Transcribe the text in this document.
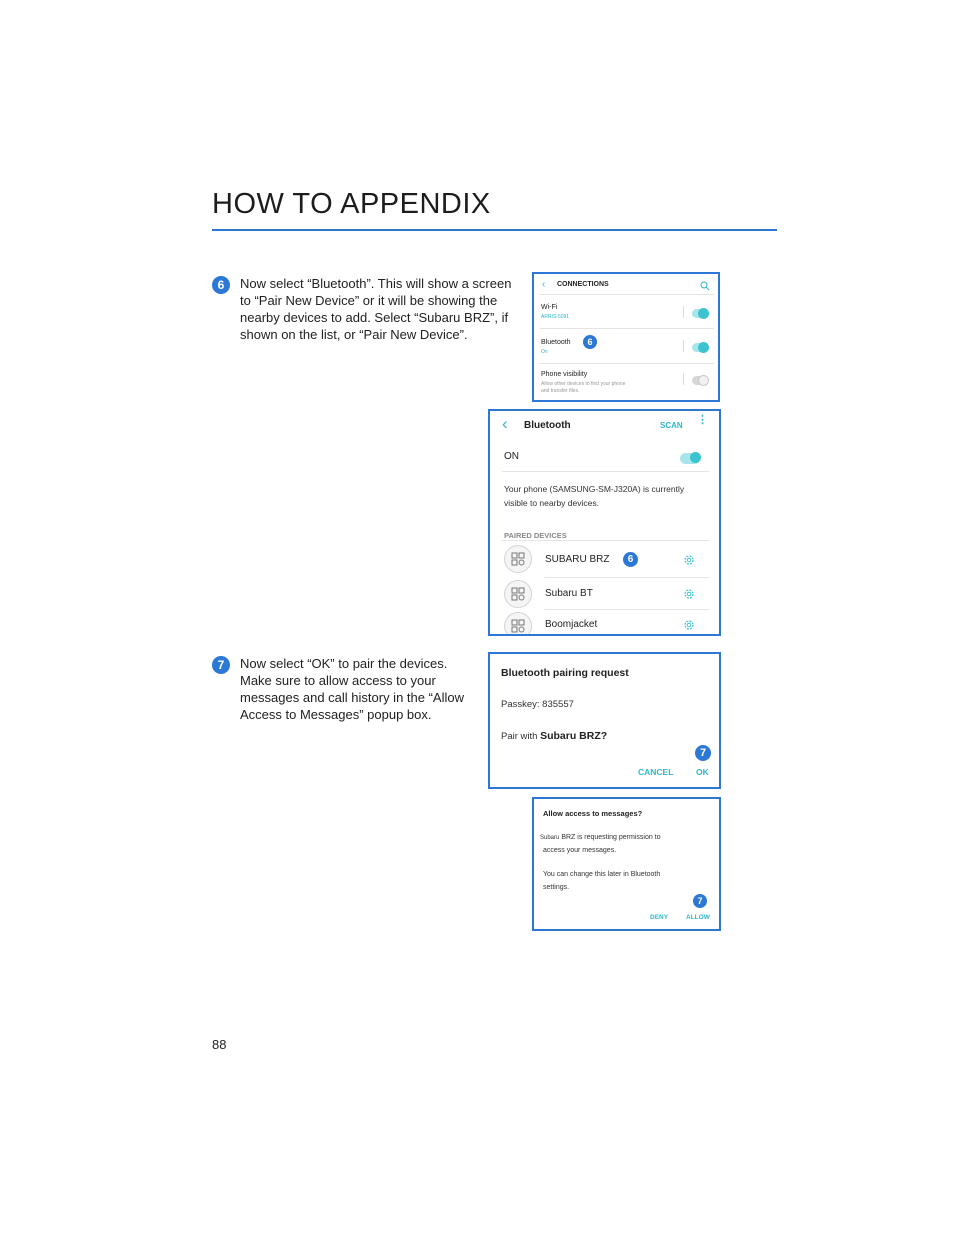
HOW TO APPENDIX
6	Now select “Bluetooth”. This will show a screen

to “Pair New Device” or it will be showing the

nearby devices to add. Select “Subaru BRZ”, if

shown on the list, or “Pair New Device”.

‹ CONNECTIONS
Wi-Fi
ARRIS-5091
Bluetooth
On
6
Phone visibility
Allow other devices to find your phone
and transfer files.
‹ Bluetooth	SCAN ⋮
ON
Your phone (SAMSUNG-SM-J320A) is currently
visible to nearby devices.
PAIRED DEVICES
SUBARU BRZ	6
Subaru BT
Boomjacket
7	Now select “OK” to pair the devices.

Make sure to allow access to your

messages and call history in the “Allow

Access to Messages” popup box.

Bluetooth pairing request
Passkey: 835557
Pair with Subaru BRZ?
7
CANCEL	OK
Allow access to messages?
Subaru BRZ is requesting permission to
access your messages.
You can change this later in Bluetooth
settings.
7
DENY	ALLOW
88
